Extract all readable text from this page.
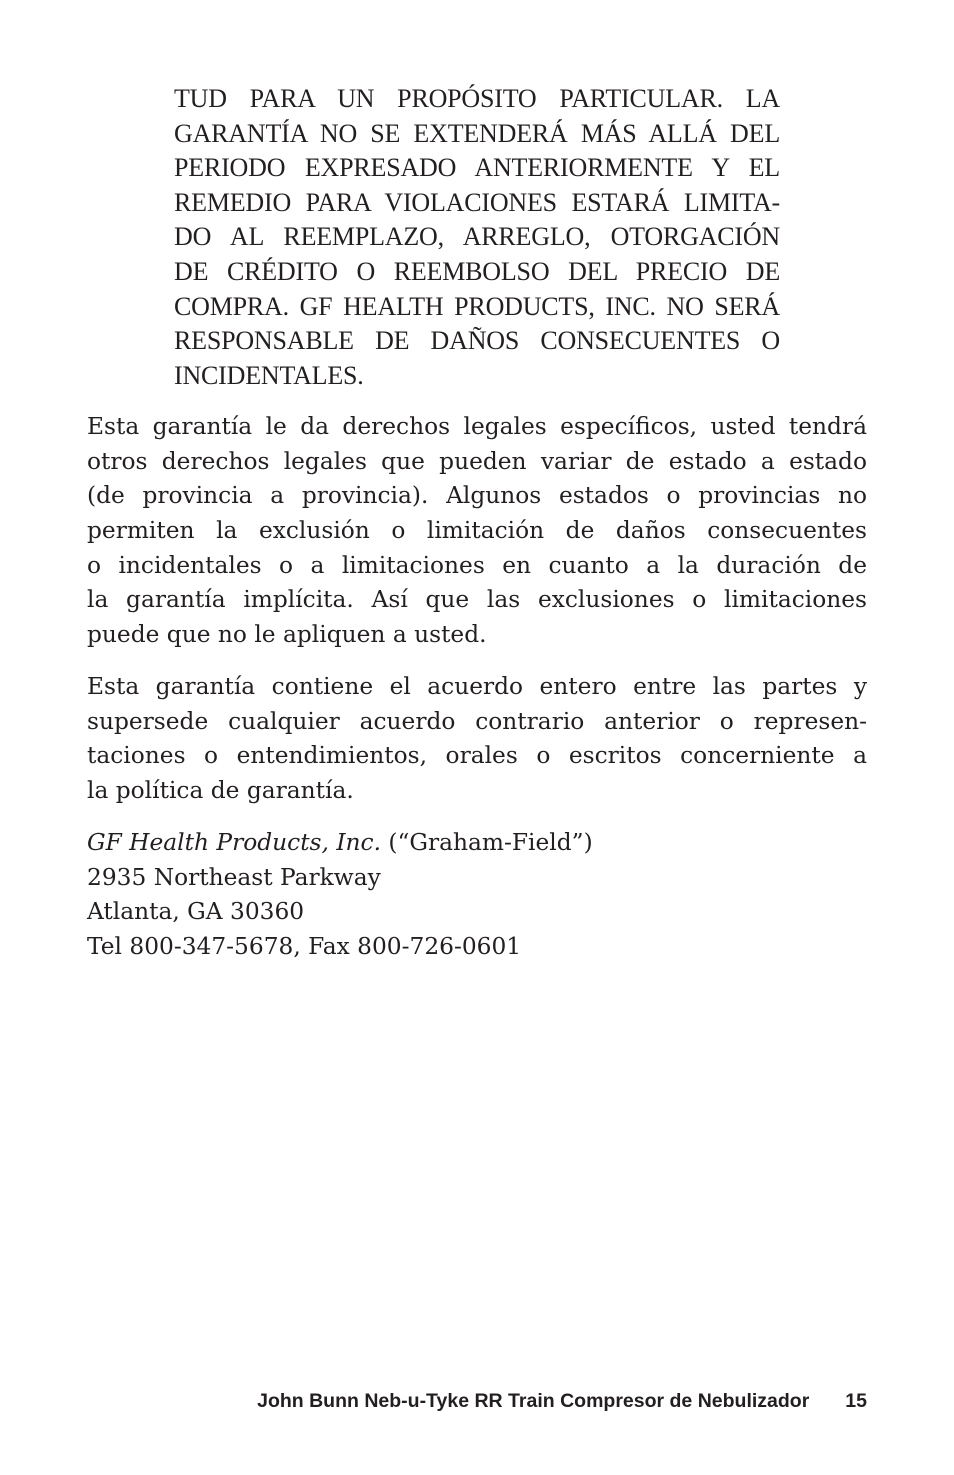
TUD PARA UN PROPÓSITO PARTICULAR. LA
GARANTÍA NO SE EXTENDERÁ MÁS ALLÁ DEL
PERIODO EXPRESADO ANTERIORMENTE Y EL
REMEDIO PARA VIOLACIONES ESTARÁ LIMITA-
DO AL REEMPLAZO, ARREGLO, OTORGACIÓN
DE CRÉDITO O REEMBOLSO DEL PRECIO DE
COMPRA. GF HEALTH PRODUCTS, INC. NO SERÁ
RESPONSABLE DE DAÑOS CONSECUENTES O
INCIDENTALES.
Esta garantía le da derechos legales específicos, usted tendrá
otros derechos legales que pueden variar de estado a estado
(de provincia a provincia). Algunos estados o provincias no
permiten la exclusión o limitación de daños consecuentes
o incidentales o a limitaciones en cuanto a la duración de
la garantía implícita. Así que las exclusiones o limitaciones
puede que no le apliquen a usted.
Esta garantía contiene el acuerdo entero entre las partes y
supersede cualquier acuerdo contrario anterior o represen-
taciones o entendimientos, orales o escritos concerniente a
la política de garantía.
GF Health Products, Inc. (“Graham-Field”)
2935 Northeast Parkway
Atlanta, GA 30360
Tel 800-347-5678, Fax 800-726-0601
John Bunn Neb-u-Tyke RR Train Compresor de Nebulizador 15
